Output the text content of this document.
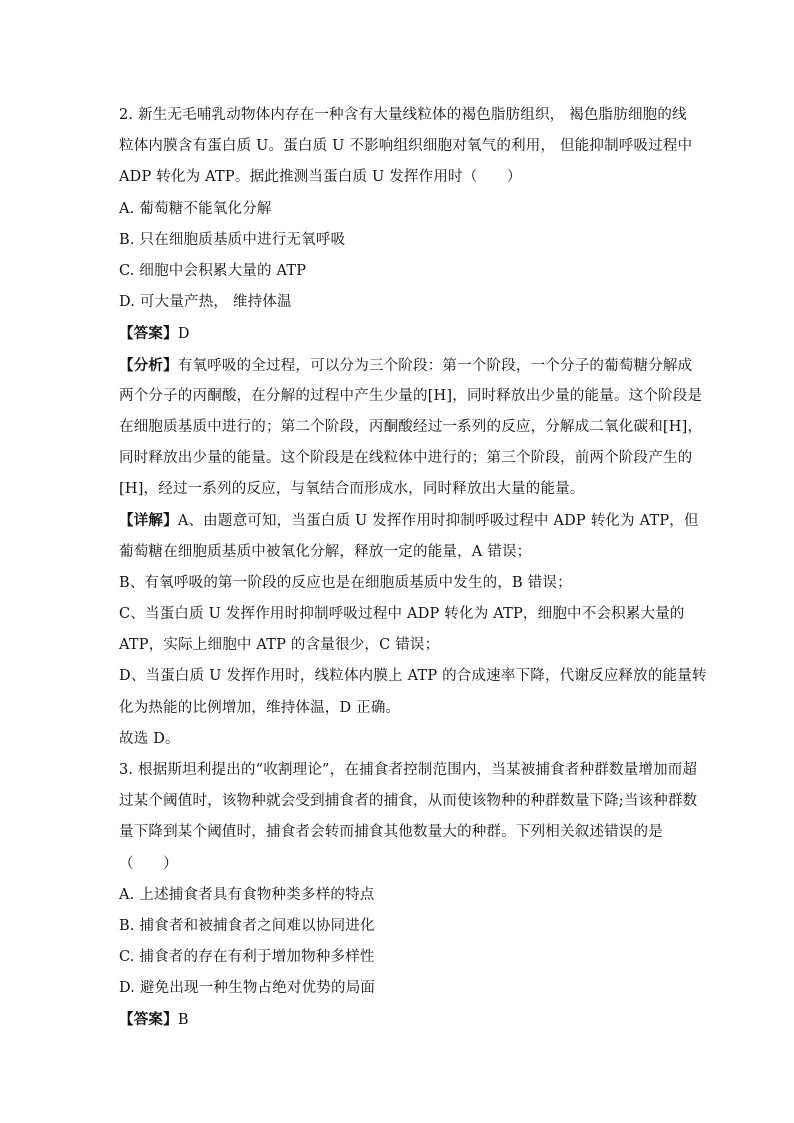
2. 新生无毛哺乳动物体内存在一种含有大量线粒体的褐色脂肪组织， 褐色脂肪细胞的线
粒体内膜含有蛋白质 U。蛋白质 U 不影响组织细胞对氧气的利用， 但能抑制呼吸过程中
ADP 转化为 ATP。据此推测当蛋白质 U 发挥作用时（　　）
A. 葡萄糖不能氧化分解
B. 只在细胞质基质中进行无氧呼吸
C. 细胞中会积累大量的 ATP
D. 可大量产热， 维持体温
【答案】D
【分析】有氧呼吸的全过程，可以分为三个阶段：第一个阶段，一个分子的葡萄糖分解成
两个分子的丙酮酸，在分解的过程中产生少量的[H]，同时释放出少量的能量。这个阶段是
在细胞质基质中进行的；第二个阶段，丙酮酸经过一系列的反应，分解成二氧化碳和[H]，
同时释放出少量的能量。这个阶段是在线粒体中进行的；第三个阶段，前两个阶段产生的
[H]，经过一系列的反应，与氧结合而形成水，同时释放出大量的能量。
【详解】A、由题意可知，当蛋白质 U 发挥作用时抑制呼吸过程中 ADP 转化为 ATP，但
葡萄糖在细胞质基质中被氧化分解，释放一定的能量，A 错误；
B、有氧呼吸的第一阶段的反应也是在细胞质基质中发生的，B 错误；
C、当蛋白质 U 发挥作用时抑制呼吸过程中 ADP 转化为 ATP，细胞中不会积累大量的
ATP，实际上细胞中 ATP 的含量很少，C 错误；
D、当蛋白质 U 发挥作用时，线粒体内膜上 ATP 的合成速率下降，代谢反应释放的能量转
化为热能的比例增加，维持体温，D 正确。
故选 D。
3. 根据斯坦利提出的“收割理论”，在捕食者控制范围内，当某被捕食者种群数量增加而超
过某个阈值时，该物种就会受到捕食者的捕食，从而使该物种的种群数量下降;当该种群数
量下降到某个阈值时，捕食者会转而捕食其他数量大的种群。下列相关叙述错误的是
（　　）
A. 上述捕食者具有食物种类多样的特点
B. 捕食者和被捕食者之间难以协同进化
C. 捕食者的存在有利于增加物种多样性
D. 避免出现一种生物占绝对优势的局面
【答案】B
